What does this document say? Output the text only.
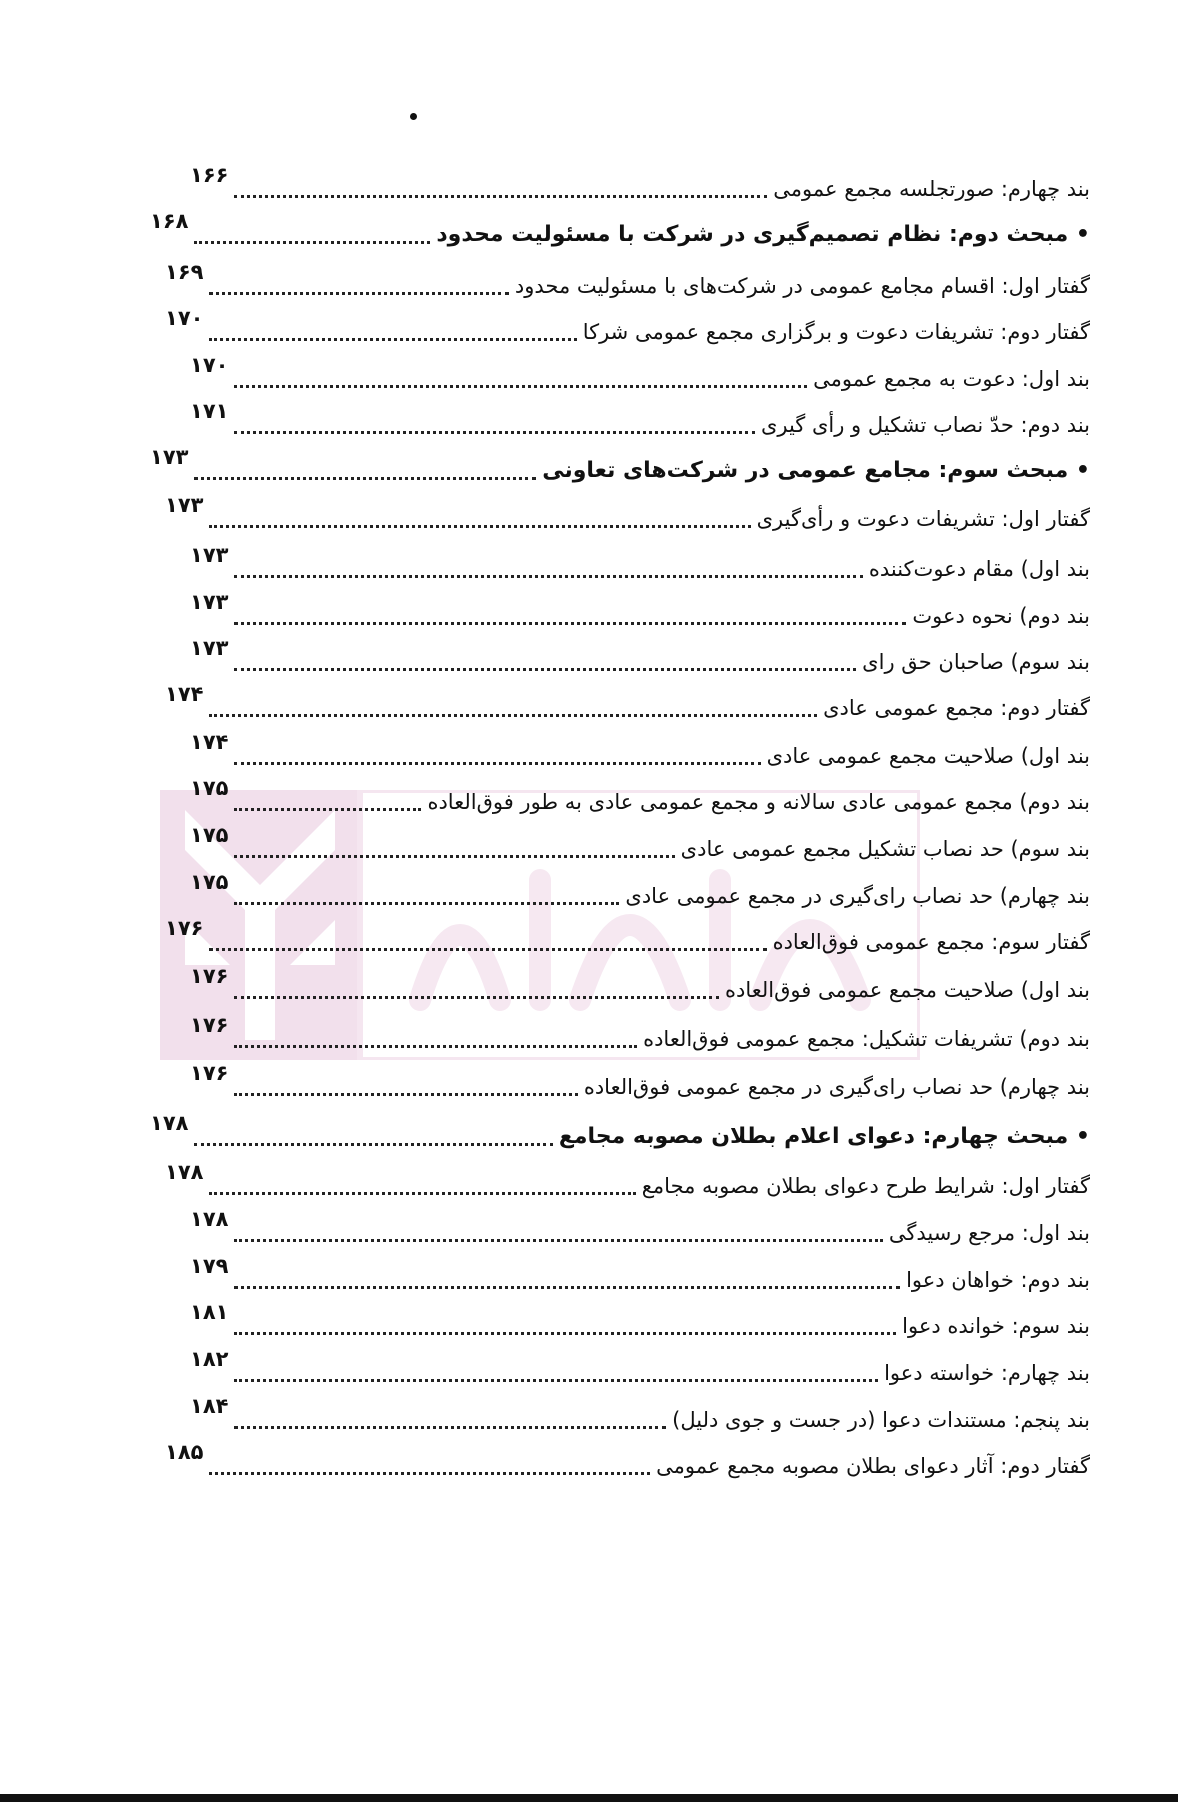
بند چهارم: صورتجلسه مجمع عمومی
۱۶۶
• مبحث دوم: نظام تصمیم‌گیری در شرکت با مسئولیت محدود
۱۶۸
گفتار اول: اقسام مجامع عمومی در شرکت‌های با مسئولیت محدود
۱۶۹
گفتار دوم: تشریفات دعوت و برگزاری مجمع عمومی شرکا
۱۷۰
بند اول: دعوت به مجمع عمومی
۱۷۰
بند دوم: حدّ نصاب تشکیل و رأی گیری
۱۷۱
• مبحث سوم: مجامع عمومی در شرکت‌های تعاونی
۱۷۳
گفتار اول: تشریفات دعوت و رأی‌گیری
۱۷۳
بند اول) مقام دعوت‌کننده
۱۷۳
بند دوم) نحوه دعوت
۱۷۳
بند سوم) صاحبان حق رای
۱۷۳
گفتار دوم: مجمع عمومی عادی
۱۷۴
بند اول) صلاحیت مجمع عمومی عادی
۱۷۴
بند دوم) مجمع عمومی عادی سالانه و مجمع عمومی عادی به طور فوق‌العاده
۱۷۵
بند سوم) حد نصاب تشکیل مجمع عمومی عادی
۱۷۵
بند چهارم) حد نصاب رای‌گیری در مجمع عمومی عادی
۱۷۵
گفتار سوم: مجمع عمومی فوق‌العاده
۱۷۶
بند اول) صلاحیت مجمع عمومی فوق‌العاده
۱۷۶
بند دوم) تشریفات تشکیل: مجمع عمومی فوق‌العاده
۱۷۶
بند چهارم) حد نصاب رای‌گیری در مجمع عمومی فوق‌العاده
۱۷۶
• مبحث چهارم: دعوای اعلام بطلان مصوبه مجامع
۱۷۸
گفتار اول: شرایط طرح دعوای بطلان مصوبه مجامع
۱۷۸
بند اول: مرجع رسیدگی
۱۷۸
بند دوم: خواهان دعوا
۱۷۹
بند سوم: خوانده دعوا
۱۸۱
بند چهارم: خواسته دعوا
۱۸۲
بند پنجم: مستندات دعوا (در جست و جوی دلیل)
۱۸۴
گفتار دوم: آثار دعوای بطلان مصوبه مجمع عمومی
۱۸۵
